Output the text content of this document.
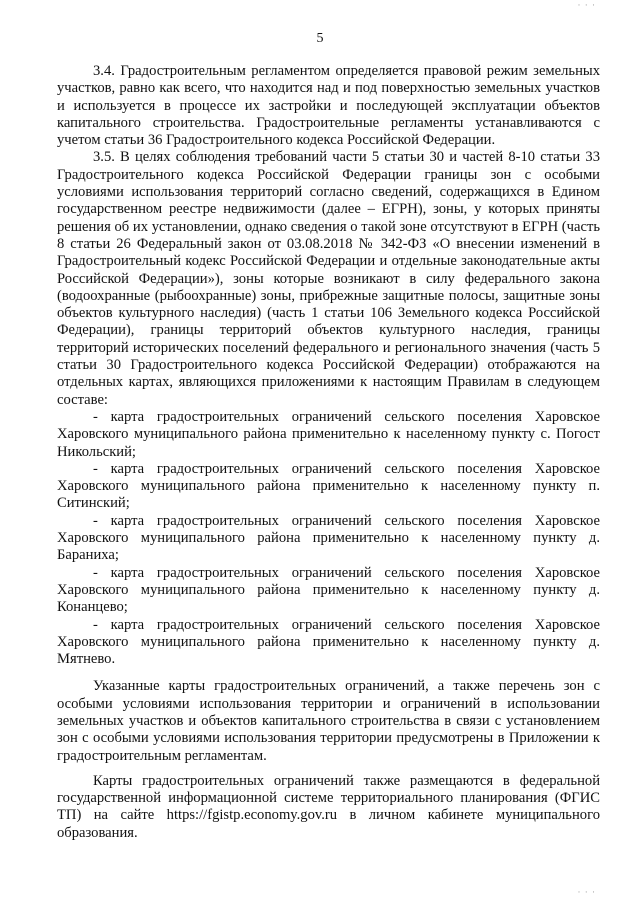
· · ·
5

3.4. Градостроительным регламентом определяется правовой режим земельных участков, равно как всего, что находится над и под поверхностью земельных участков и используется в процессе их застройки и последующей эксплуатации объектов капитального строительства. Градостроительные регламенты устанавливаются с учетом статьи 36 Градостроительного кодекса Российской Федерации.

3.5. В целях соблюдения требований части 5 статьи 30 и частей 8-10 статьи 33 Градостроительного кодекса Российской Федерации границы зон с особыми условиями использования территорий согласно сведений, содержащихся в Едином государственном реестре недвижимости (далее – ЕГРН), зоны, у которых приняты решения об их установлении, однако сведения о такой зоне отсутствуют в ЕГРН (часть 8 статьи 26 Федеральный закон от 03.08.2018 № 342-ФЗ «О внесении изменений в Градостроительный кодекс Российской Федерации и отдельные законодательные акты Российской Федерации»), зоны которые возникают в силу федерального закона (водоохранные (рыбоохранные) зоны, прибрежные защитные полосы, защитные зоны объектов культурного наследия) (часть 1 статьи 106 Земельного кодекса Российской Федерации), границы территорий объектов культурного наследия, границы территорий исторических поселений федерального и регионального значения (часть 5 статьи 30 Градостроительного кодекса Российской Федерации) отображаются на отдельных картах, являющихся приложениями к настоящим Правилам в следующем составе:

- карта градостроительных ограничений сельского поселения Харовское Харовского муниципального района применительно к населенному пункту с. Погост Никольский;

- карта градостроительных ограничений сельского поселения Харовское Харовского муниципального района применительно к населенному пункту п. Ситинский;

- карта градостроительных ограничений сельского поселения Харовское Харовского муниципального района применительно к населенному пункту д. Бараниха;

- карта градостроительных ограничений сельского поселения Харовское Харовского муниципального района применительно к населенному пункту д. Конанцево;

- карта градостроительных ограничений сельского поселения Харовское Харовского муниципального района применительно к населенному пункту д. Мятнево.

Указанные карты градостроительных ограничений, а также перечень зон с особыми условиями использования территории и ограничений в использовании земельных участков и объектов капитального строительства в связи с установлением зон с особыми условиями использования территории предусмотрены в Приложении к градостроительным регламентам.

Карты градостроительных ограничений также размещаются в федеральной государственной информационной системе территориального планирования (ФГИС ТП) на сайте https://fgistp.economy.gov.ru в личном кабинете муниципального образования.

· · ·
